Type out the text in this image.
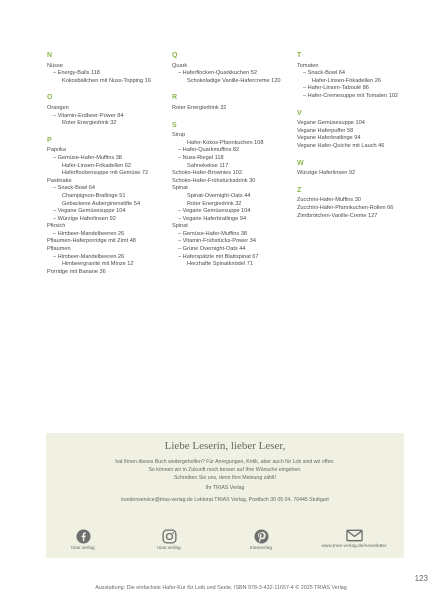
N
Nüsse
– Energy-Balls 118
Kokosbällchen mit Nuss-Topping 16
O
Orangen
– Vitamin-Erdbeer-Power 84
Roter Energiedrink 32
P
Paprika
– Gemüse-Hafer-Muffins 38
Hafer-Linsen-Frikadellen 62
Haferflockensuppe mit Gemüse 72
Pastinake
– Snack-Bowl 64
Champignon-Bratlinge 51
Gebackene Auberginenstifte 54
– Vegane Gemüsesuppe 104
– Würzige Haferlinsen 92
Pfirsich
– Himbeer-Mandelbeeren 26
Pflaumen-Haferporridge mit Zimt 48
Pflaumen
– Himbeer-Mandelbeeren 26
Himbeergranité mit Minze 12
Porridge mit Banane 36
Q
Quark
– Haferflocken-Quarkkuchen 52
Schokoladige Vanille-Hafercreme 120
R
Roter Energiedrink 32
S
Sirup
Hafer-Kokos-Pfannkuchen 108
– Hafer-Quarkmuffins 82
– Nuss-Riegel 118
Sahnekekse 117
Schoko-Hafer-Brownies 102
Schoko-Hafer-Frühstücksdrink 30
Spinat
Spinat-Overnight-Oats 44
Roter Energiedrink 32
– Vegane Gemüsesuppe 104
– Vegane Haferbratlinge 94
Spinat
– Gemüse-Hafer-Muffins 38
– Vitamin-Frühstücks-Power 34
– Grüne Overnight-Oats 44
– Haferspätzle mit Blattspinat 67
Herzhafte Spinatknödel 71
T
Tomaten
– Snack-Bowl 64
Hafer-Linsen-Frikadellen 26
– Hafer-Linsen-Taboulé 86
– Hafer-Cremesuppe mit Tomaten 102
V
Vegane Gemüsesuppe 104
Vegane Haferpuffer 58
Vegane Haferbratlinge 94
Vegane Hafer-Quiche mit Lauch 46
W
Würzige Haferlinsen 92
Z
Zucchini-Hafer-Muffins 30
Zucchini-Hafer-Pfannkuchen-Rollen 66
Zimtbrötchen-Vanille-Creme 127
Liebe Leserin, lieber Leser,
hat Ihnen dieses Buch weitergeholfen? Für Anregungen, Kritik, aber auch für Lob sind wir offen.
So können wir in Zukunft noch besser auf Ihre Wünsche eingehen.
Schreiben Sie uns, denn Ihre Meinung zählt!
Ihr TRIAS Verlag
kundenservice@trias-verlag.de Lektorat TRIAS Verlag, Postfach 30 05 04, 70445 Stuttgart
trias.verlag	trias.verlag	triasverlag	www.trias-verlag.de/newsletter
123
Ausstattung: Die einfachste Hafer-Kur für Leib und Seele, ISBN 978-3-432-11657-4 © 2025 TRIAS Verlag
